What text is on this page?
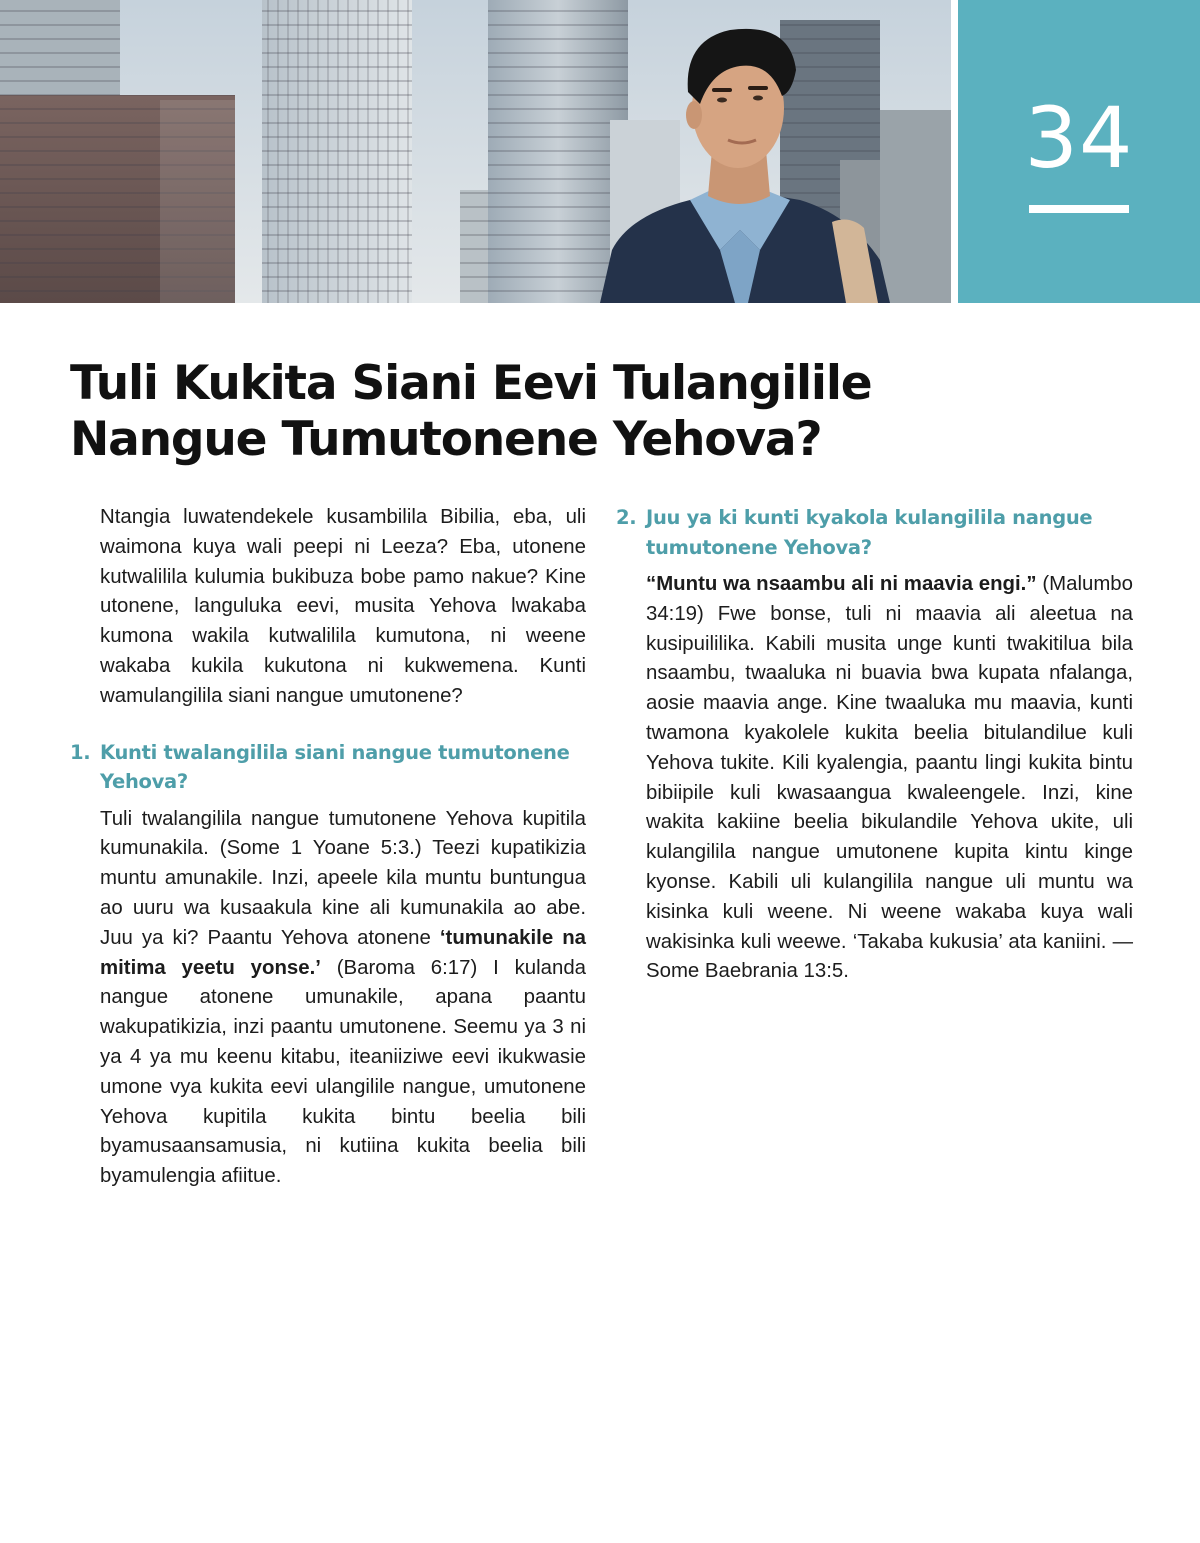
34
Tuli Kukita Siani Eevi Tulangilile
Nangue Tumutonene Yehova?

Ntangia luwatendekele kusambilila Bibilia, eba, uli waimona kuya wali peepi ni Leeza? Eba, utonene kutwalilila kulumia bukibuza bobe pamo nakue? Kine utonene, languluka eevi, musita Yehova lwakaba kumona wakila kutwalilila kumutona, ni weene wakaba kukila kukutona ni kukwemena. Kunti wamulangilila siani nangue umutonene?

1. Kunti twalangilila siani nangue tumutonene Yehova?

Tuli twalangilila nangue tumutonene Yehova kupitila kumunakila. (Some 1 Yoane 5:3.) Teezi kupatikizia muntu amunakile. Inzi, apeele kila muntu buntungua ao uuru wa kusaakula kine ali kumunakila ao abe. Juu ya ki? Paantu Yehova atonene ‘tumunakile na mitima yeetu yonse.’ (Baroma 6:17) I kulanda nangue atonene umunakile, apana paantu wakupatikizia, inzi paantu umutonene. Seemu ya 3 ni ya 4 ya mu keenu kitabu, iteaniiziwe eevi ikukwasie umone vya kukita eevi ulangilile nangue, umutonene Yehova kupitila kukita bintu beelia bili byamusaansamusia, ni kutiina kukita beelia bili byamulengia afiitue.

2. Juu ya ki kunti kyakola kulangilila nangue tumutonene Yehova?

“Muntu wa nsaambu ali ni maavia engi.” (Malumbo 34:19) Fwe bonse, tuli ni maavia ali aleetua na kusipuililika. Kabili musita unge kunti twakitilua bila nsaambu, twaaluka ni buavia bwa kupata nfalanga, aosie maavia ange. Kine twaaluka mu maavia, kunti twamona kyakolele kukita beelia bitulandilue kuli Yehova tukite. Kili kyalengia, paantu lingi kukita bintu bibiipile kuli kwasaangua kwaleengele. Inzi, kine wakita kakiine beelia bikulandile Yehova ukite, uli kulangilila nangue umutonene kupita kintu kinge kyonse. Kabili uli kulangilila nangue uli muntu wa kisinka kuli weene. Ni weene wakaba kuya wali wakisinka kuli weewe. ‘Takaba kukusia’ ata kaniini. —Some Baebrania 13:5.
